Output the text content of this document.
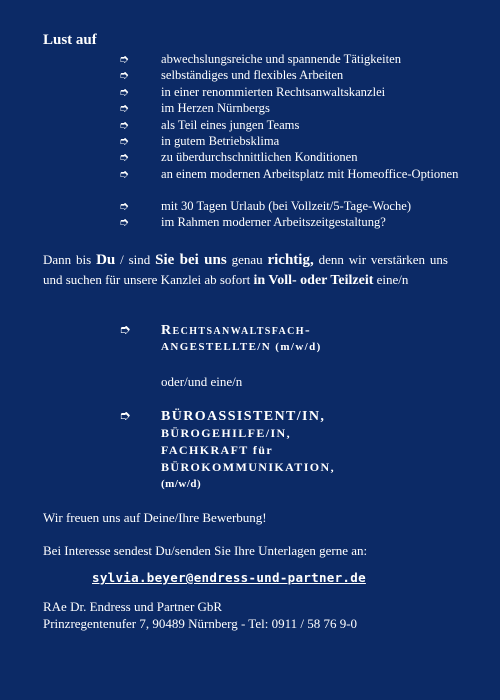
Lust auf
➮	abwechslungsreiche und spannende Tätigkeiten
➮	selbständiges und flexibles Arbeiten
➮	in einer renommierten Rechtsanwaltskanzlei
➮	im Herzen Nürnbergs
➮	als Teil eines jungen Teams
➮	in gutem Betriebsklima
➮	zu überdurchschnittlichen Konditionen
➮	an einem modernen Arbeitsplatz mit Homeoffice-Optionen
➮	mit 30 Tagen Urlaub (bei Vollzeit/5-Tage-Woche)
➮	im Rahmen moderner Arbeitszeitgestaltung?
Dann bis Du / sind Sie bei uns genau richtig, denn wir verstärken uns und suchen für unsere Kanzlei ab sofort in Voll- oder Teilzeit eine/n
➮ Rechtsanwaltsfach-
ANGESTELLTE/N (m/w/d)
oder/und eine/n
➮ BÜROASSISTENT/IN,
BÜROGEHILFE/IN,
FACHKRAFT für
BÜROKOMMUNIKATION,
(m/w/d)
Wir freuen uns auf Deine/Ihre Bewerbung!
Bei Interesse sendest Du/senden Sie Ihre Unterlagen gerne an:
sylvia.beyer@endress-und-partner.de
RAe Dr. Endress und Partner GbR
Prinzregentenufer 7, 90489 Nürnberg - Tel: 0911 / 58 76 9-0
